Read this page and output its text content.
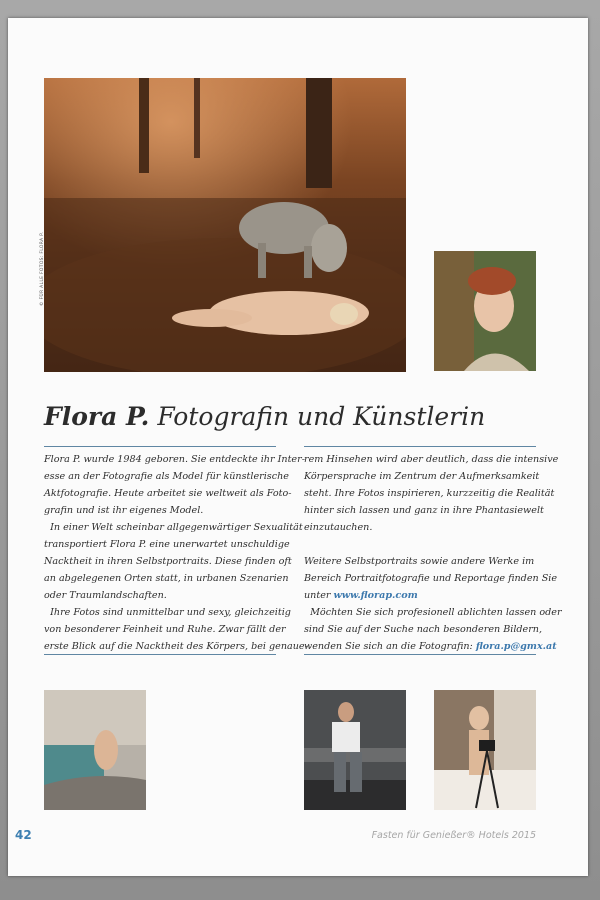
© FÜR ALLE FOTOS: FLORA P.
Flora P. Fotografin und Künstlerin

Flora P. wurde 1984 geboren. Sie entdeckte ihr Inter-

esse an der Fotografie als Model für künstlerische

Aktfotografie. Heute arbeitet sie weltweit als Foto-

grafin und ist ihr eigenes Model.

In einer Welt scheinbar allgegenwärtiger Sexualität

transportiert Flora P. eine unerwartet unschuldige

Nacktheit in ihren Selbstportraits. Diese finden oft

an abgelegenen Orten statt, in urbanen Szenarien

oder Traumlandschaften.

Ihre Fotos sind unmittelbar und sexy, gleichzeitig

von besonderer Feinheit und Ruhe. Zwar fällt der

erste Blick auf die Nacktheit des Körpers, bei genaue-

rem Hinsehen wird aber deutlich, dass die intensive

Körpersprache im Zentrum der Aufmerksamkeit

steht. Ihre Fotos inspirieren, kurzzeitig die Realität

hinter sich lassen und ganz in ihre Phantasiewelt

einzutauchen.

Weitere Selbstportraits sowie andere Werke im

Bereich Portraitfotografie und Reportage finden Sie

unter www.florap.com

Möchten Sie sich profesionell ablichten lassen oder

sind Sie auf der Suche nach besonderen Bildern,

wenden Sie sich an die Fotografin: flora.p@gmx.at

42	Fasten für Genießer® Hotels 2015
